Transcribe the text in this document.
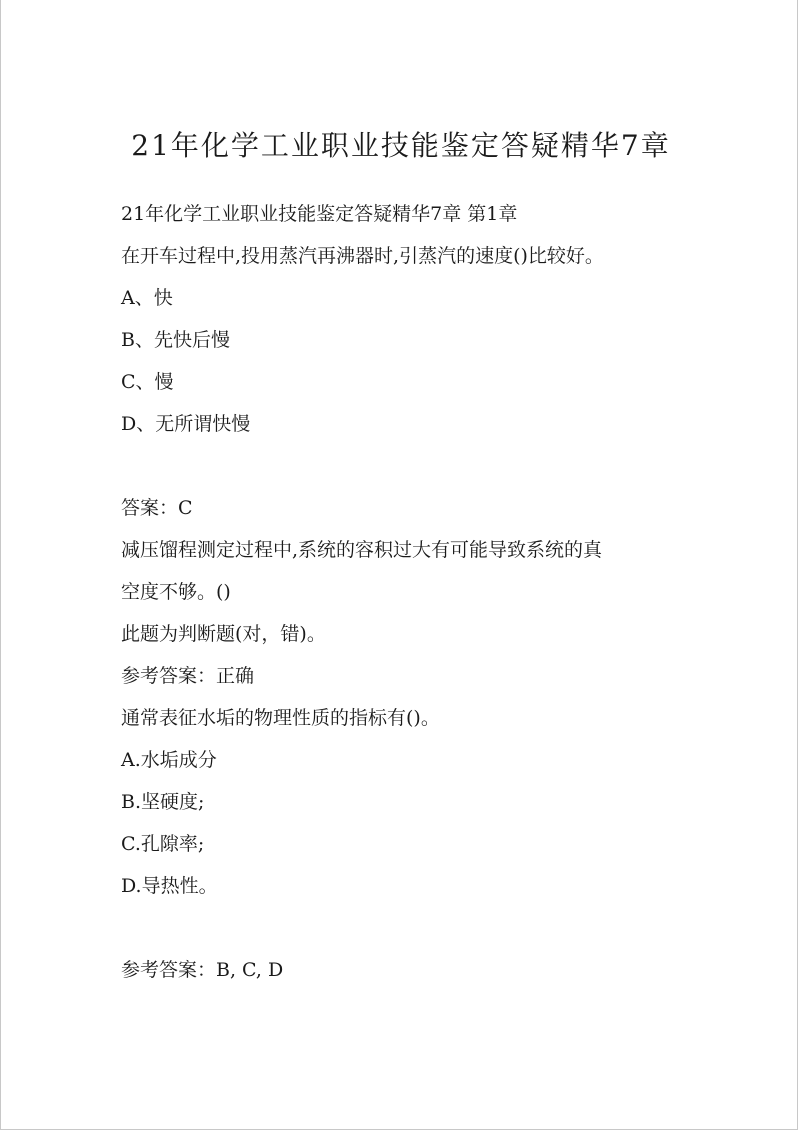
21年化学工业职业技能鉴定答疑精华7章
21年化学工业职业技能鉴定答疑精华7章 第1章
在开车过程中,投用蒸汽再沸器时,引蒸汽的速度()比较好。
A、快
B、先快后慢
C、慢
D、无所谓快慢
答案：C
减压馏程测定过程中,系统的容积过大有可能导致系统的真
空度不够。()
此题为判断题(对，错)。
参考答案：正确
通常表征水垢的物理性质的指标有()。
A.水垢成分
B.坚硬度;
C.孔隙率;
D.导热性。
参考答案：B, C, D
